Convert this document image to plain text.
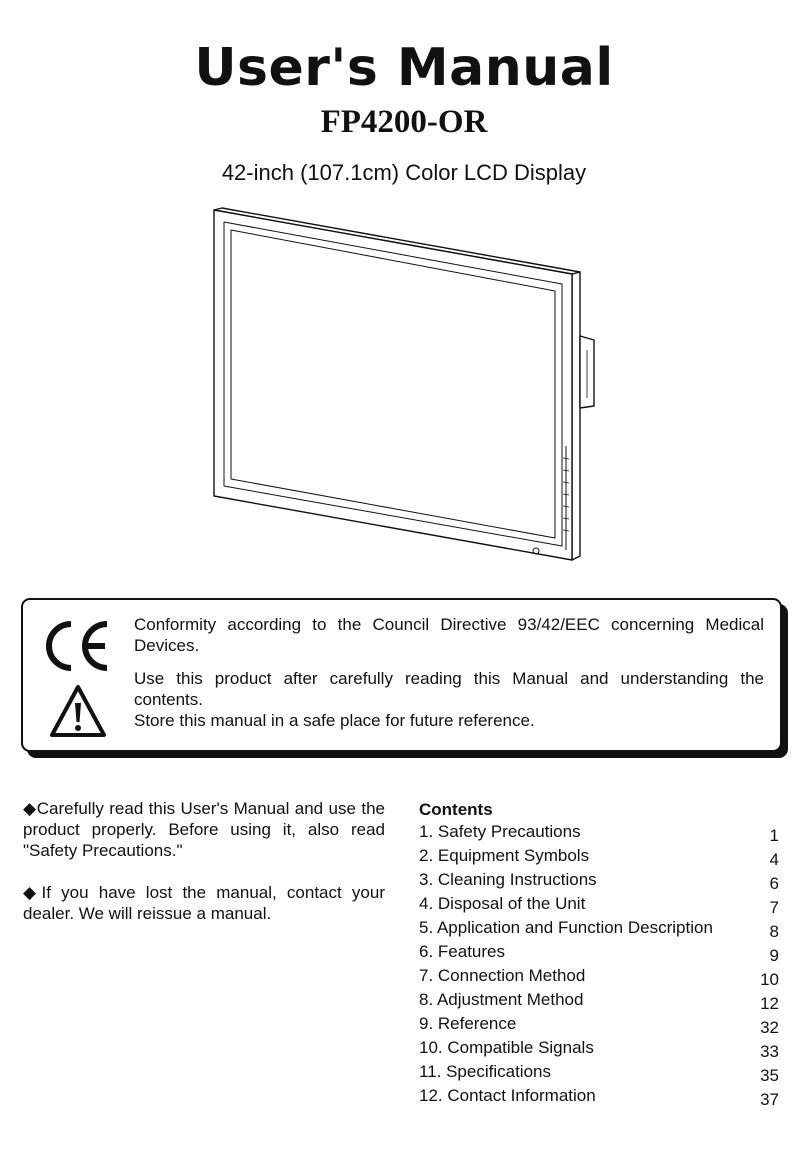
User's Manual
FP4200-OR
42-inch (107.1cm) Color LCD Display

Conformity according to the Council Directive 93/42/EEC concerning Medical Devices.

Use this product after carefully reading this Manual and understanding the contents.

Store this manual in a safe place for future reference.

◆Carefully read this User's Manual and use the product properly. Before using it, also read "Safety Precautions."

◆If you have lost the manual, contact your dealer. We will reissue a manual.

Contents
1. Safety Precautions	1
2. Equipment Symbols	4
3. Cleaning Instructions	6
4. Disposal of the Unit	7
5. Application and Function Description	8
6. Features	9
7. Connection Method	10
8. Adjustment Method	12
9. Reference	32
10. Compatible Signals	33
11. Specifications	35
12. Contact Information	37
